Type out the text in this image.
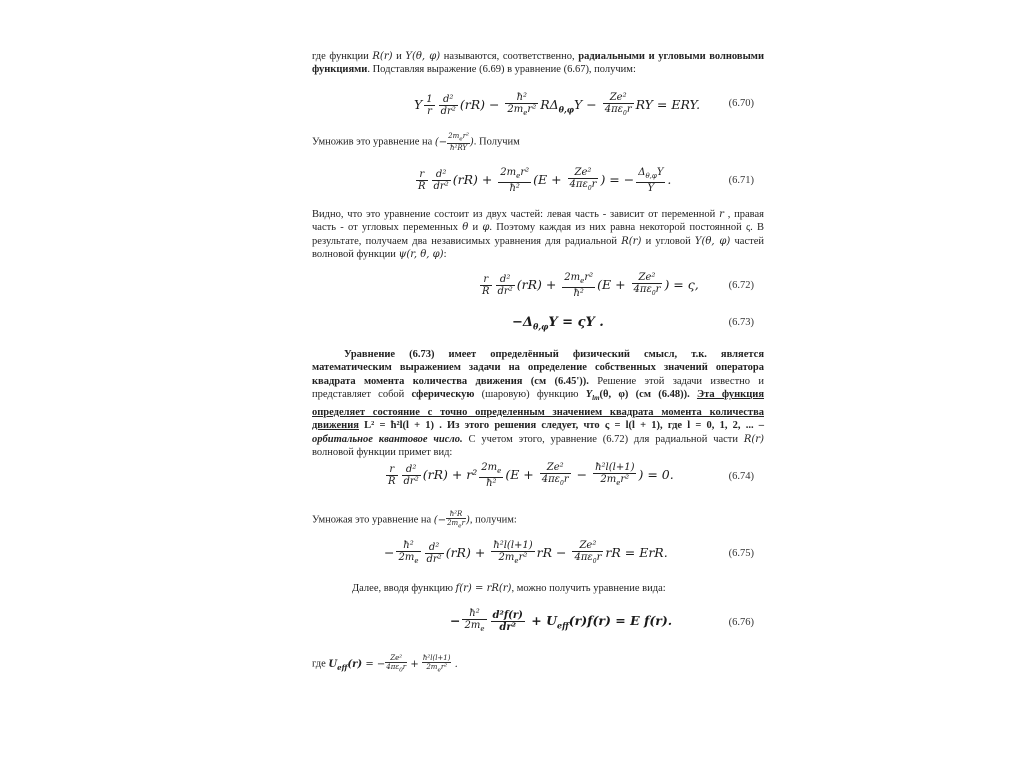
где функции R(r) и Y(θ, φ) называются, соответственно, радиальными и угловыми волновыми функциями. Подставляя выражение (6.69) в уравнение (6.67), получим:
Y $\frac{1}{r} \frac{\text{d²}}{\text{dr²}} (rR) - \frac{\text{ħ²}}{2m_er^2} R\Delta_{\theta,\varphi}Y - \frac{\text{Ze²}}{4\pi\varepsilon_0r}$ RY = ERY.	(6.70)
Умножив это уравнение на (−
$2m_er^2$
ħ²RY
). Получим
$\frac{r}{R} \frac{\text{d²}}{\text{dr²}} (rR) + \frac{2m_er^2}{\text{ħ²}} (E + \frac{\text{Ze²}}{4\pi\varepsilon_0r}$ ) = − $\frac{\Delta_{\theta,\varphi}Y}{Y}$ .	(6.71)
Видно, что это уравнение состоит из двух частей: левая часть - зависит от переменной r , правая часть - от угловых переменных θ и φ. Поэтому каждая из них равна некоторой постоянной ς. В результате, получаем два независимых уравнения для радиальной R(r) и угловой Y(θ, φ) частей волновой функции ψ(r, θ, φ):
$\frac{r}{R} \frac{\text{d²}}{\text{dr²}} (rR) + \frac{2m_er^2}{\text{ħ²}} (E + \frac{\text{Ze²}}{4\pi\varepsilon_0r}$ ) = ς,	(6.72)
$-\Delta_{\theta,\varphi}Y = \varsigma Y$ .	(6.73)
Уравнение (6.73) имеет определённый физический смысл, т.к. является математическим выражением задачи на определение собственных значений оператора квадрата момента количества движения (см (6.45')). Решение этой задачи известно и представляет собой сферическую (шаровую) функцию $Y_{lm}(\theta$, φ) (см (6.48)). Эта функция определяет состояние с точно определенным значением квадрата момента количества движения L² = ħ²l(l + 1) . Из этого решения следует, что ς = l(l + 1), где l = 0, 1, 2, ... – орбитальное квантовое число. С учетом этого, уравнение (6.72) для радиальной части R(r) волновой функции примет вид:
$\frac{r}{R} \frac{\text{d²}}{\text{dr²}} (rR) + r^2 \frac{2m_e}{\text{ħ²}} (E + \frac{\text{Ze²}}{4\pi\varepsilon_0r} - \frac{\text{ħ²l(l+1)}}{2m_er^2}$ ) = 0.	(6.74)
Умножая это уравнение на (−
ħ²R
$2m_er$ ), получим:
− $\frac{\text{ħ²}}{2m_e} \frac{\text{d²}}{\text{dr²}} (rR) + \frac{\text{ħ²l(l+1)}}{2m_er^2}$ rR − $\frac{\text{Ze²}}{4\pi\varepsilon_0r}$ rR = ErR.	(6.75)
Далее, вводя функцию f(r) = rR(r), можно получить уравнение вида:
− $\frac{\text{ħ²}}{2m_e} \frac{\text{d²f(r)}}{\text{dr²}} + U_{eff}(r)f(r) = E$ f(r).	(6.76)
где $U_{eff}(r)$ = − $\frac{\text{Ze²}}{4\pi\varepsilon_0r}$ +
ħ²l(l+1)
$2m_er^2$ .
